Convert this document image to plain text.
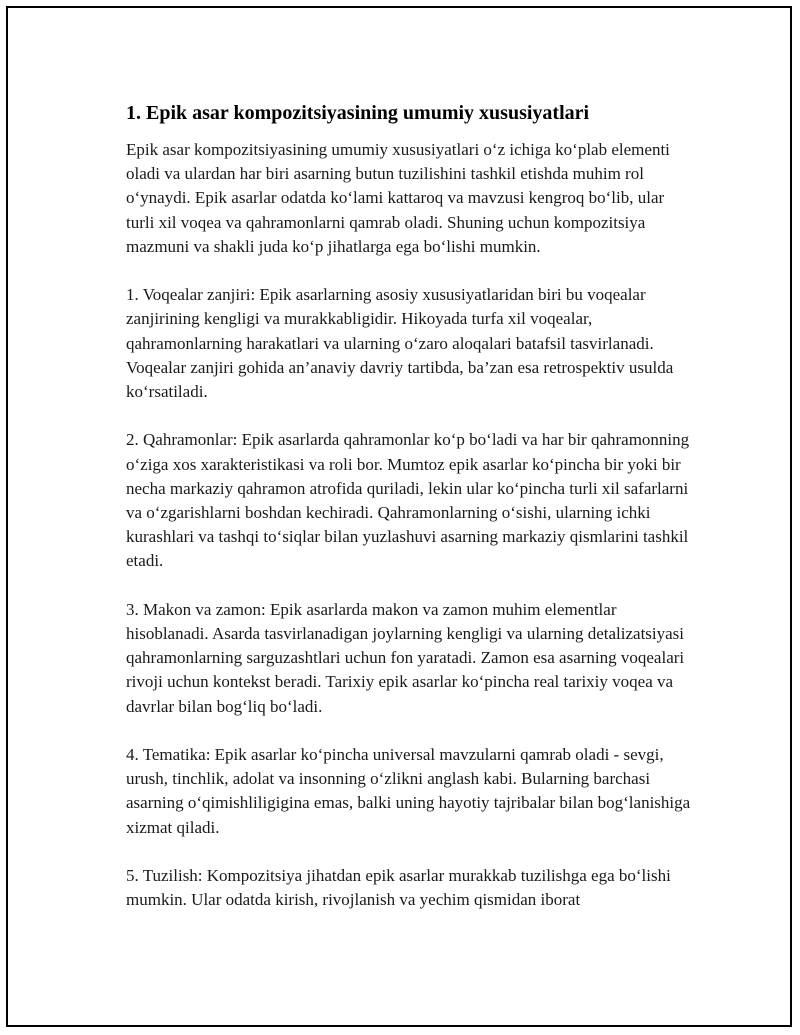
1. Epik asar kompozitsiyasining umumiy xususiyatlari

Epik asar kompozitsiyasining umumiy xususiyatlari o‘z ichiga ko‘plab elementi oladi va ulardan har biri asarning butun tuzilishini tashkil etishda muhim rol o‘ynaydi. Epik asarlar odatda ko‘lami kattaroq va mavzusi kengroq bo‘lib, ular turli xil voqea va qahramonlarni qamrab oladi. Shuning uchun kompozitsiya mazmuni va shakli juda ko‘p jihatlarga ega bo‘lishi mumkin.

1. Voqealar zanjiri: Epik asarlarning asosiy xususiyatlaridan biri bu voqealar zanjirining kengligi va murakkabligidir. Hikoyada turfa xil voqealar, qahramonlarning harakatlari va ularning o‘zaro aloqalari batafsil tasvirlanadi. Voqealar zanjiri gohida an’anaviy davriy tartibda, ba’zan esa retrospektiv usulda ko‘rsatiladi.

2. Qahramonlar: Epik asarlarda qahramonlar ko‘p bo‘ladi va har bir qahramonning o‘ziga xos xarakteristikasi va roli bor. Mumtoz epik asarlar ko‘pincha bir yoki bir necha markaziy qahramon atrofida quriladi, lekin ular ko‘pincha turli xil safarlarni va o‘zgarishlarni boshdan kechiradi. Qahramonlarning o‘sishi, ularning ichki kurashlari va tashqi to‘siqlar bilan yuzlashuvi asarning markaziy qismlarini tashkil etadi.

3. Makon va zamon: Epik asarlarda makon va zamon muhim elementlar hisoblanadi. Asarda tasvirlanadigan joylarning kengligi va ularning detalizatsiyasi qahramonlarning sarguzashtlari uchun fon yaratadi. Zamon esa asarning voqealari rivoji uchun kontekst beradi. Tarixiy epik asarlar ko‘pincha real tarixiy voqea va davrlar bilan bog‘liq bo‘ladi.

4. Tematika: Epik asarlar ko‘pincha universal mavzularni qamrab oladi - sevgi, urush, tinchlik, adolat va insonning o‘zlikni anglash kabi. Bularning barchasi asarning o‘qimishliligigina emas, balki uning hayotiy tajribalar bilan bog‘lanishiga xizmat qiladi.

5. Tuzilish: Kompozitsiya jihatdan epik asarlar murakkab tuzilishga ega bo‘lishi mumkin. Ular odatda kirish, rivojlanish va yechim qismidan iborat
